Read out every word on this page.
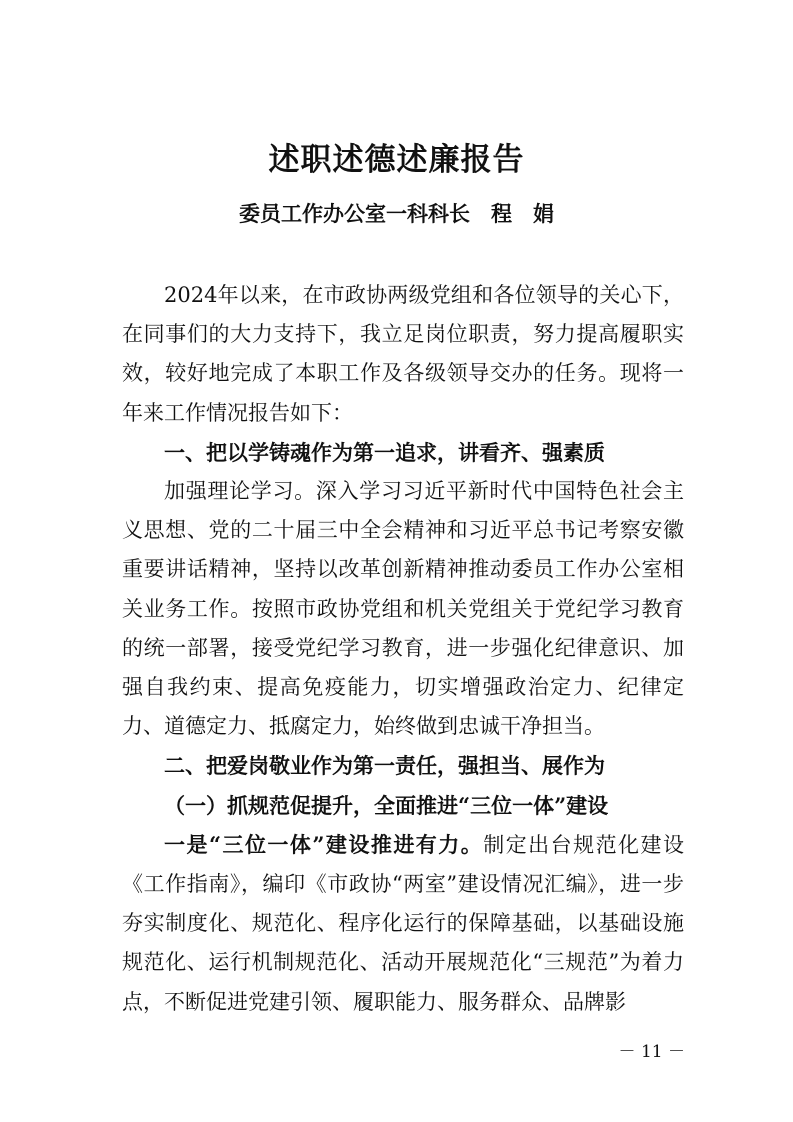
述职述德述廉报告
委员工作办公室一科科长　程　娟

2024年以来，在市政协两级党组和各位领导的关心下，在同事们的大力支持下，我立足岗位职责，努力提高履职实效，较好地完成了本职工作及各级领导交办的任务。现将一年来工作情况报告如下：

一、把以学铸魂作为第一追求，讲看齐、强素质

加强理论学习。深入学习习近平新时代中国特色社会主义思想、党的二十届三中全会精神和习近平总书记考察安徽重要讲话精神，坚持以改革创新精神推动委员工作办公室相关业务工作。按照市政协党组和机关党组关于党纪学习教育的统一部署，接受党纪学习教育，进一步强化纪律意识、加强自我约束、提高免疫能力，切实增强政治定力、纪律定力、道德定力、抵腐定力，始终做到忠诚干净担当。

二、把爱岗敬业作为第一责任，强担当、展作为

（一）抓规范促提升，全面推进“三位一体”建设

一是“三位一体”建设推进有力。制定出台规范化建设《工作指南》，编印《市政协“两室”建设情况汇编》，进一步夯实制度化、规范化、程序化运行的保障基础，以基础设施规范化、运行机制规范化、活动开展规范化“三规范”为着力点，不断促进党建引领、履职能力、服务群众、品牌影

－ 11 －
